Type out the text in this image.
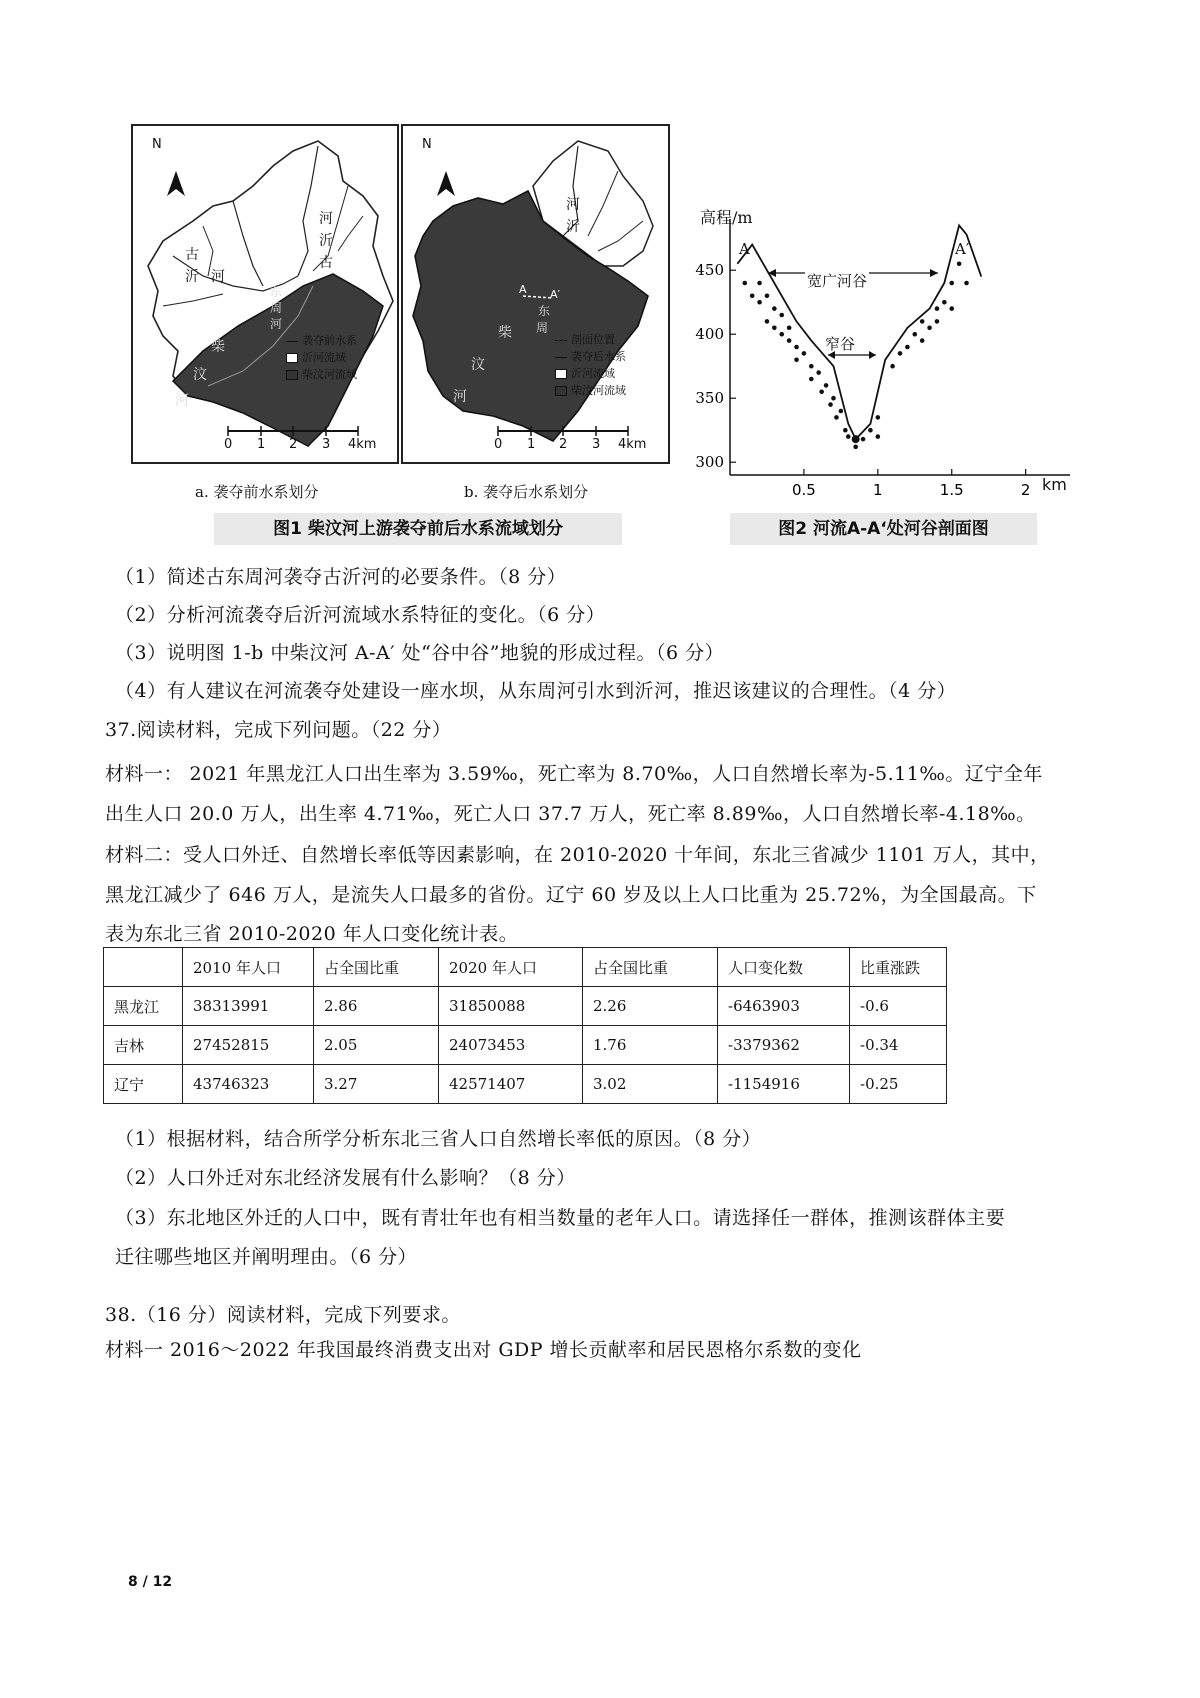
N
河
沂
古
古
沂 河
东
周
河
柴
汶
河
袭夺前水系
沂河流域
柴汶河流域
0 1 2 3 4km
a. 袭夺前水系划分
N
河
沂
A A′
东
周
柴
汶
河
剖面位置
袭夺后水系
沂河流域
柴汶河流域
0 1 2 3 4km
b. 袭夺后水系划分
图1 柴汶河上游袭夺前后水系流域划分
450
400
350
300
0.5	1	1.5	2
高程/m
km
A	A′
宽广河谷
窄谷
图2 河流A-A‘处河谷剖面图
（1）简述古东周河袭夺古沂河的必要条件。（8 分）
（2）分析河流袭夺后沂河流域水系特征的变化。（6 分）
（3）说明图 1-b 中柴汶河 A-A′ 处“谷中谷”地貌的形成过程。（6 分）
（4）有人建议在河流袭夺处建设一座水坝，从东周河引水到沂河，推迟该建议的合理性。（4 分）
37.阅读材料，完成下列问题。（22 分）
材料一： 2021 年黑龙江人口出生率为 3.59‰，死亡率为 8.70‰，人口自然增长率为-5.11‰。辽宁全年
出生人口 20.0 万人，出生率 4.71‰，死亡人口 37.7 万人，死亡率 8.89‰，人口自然增长率-4.18‰。
材料二：受人口外迁、自然增长率低等因素影响，在 2010-2020 十年间，东北三省减少 1101 万人，其中，
黑龙江减少了 646 万人，是流失人口最多的省份。辽宁 60 岁及以上人口比重为 25.72%，为全国最高。下
表为东北三省 2010-2020 年人口变化统计表。
	2010 年人口	占全国比重	2020 年人口	占全国比重	人口变化数	比重涨跌
黑龙江	38313991	2.86	31850088	2.26	-6463903	-0.6
吉林	27452815	2.05	24073453	1.76	-3379362	-0.34
辽宁	43746323	3.27	42571407	3.02	-1154916	-0.25
（1）根据材料，结合所学分析东北三省人口自然增长率低的原因。（8 分）
（2）人口外迁对东北经济发展有什么影响？（8 分）
（3）东北地区外迁的人口中，既有青壮年也有相当数量的老年人口。请选择任一群体，推测该群体主要
迁往哪些地区并阐明理由。（6 分）
38.（16 分）阅读材料，完成下列要求。
材料一 2016～2022 年我国最终消费支出对 GDP 增长贡献率和居民恩格尔系数的变化
8 / 12
